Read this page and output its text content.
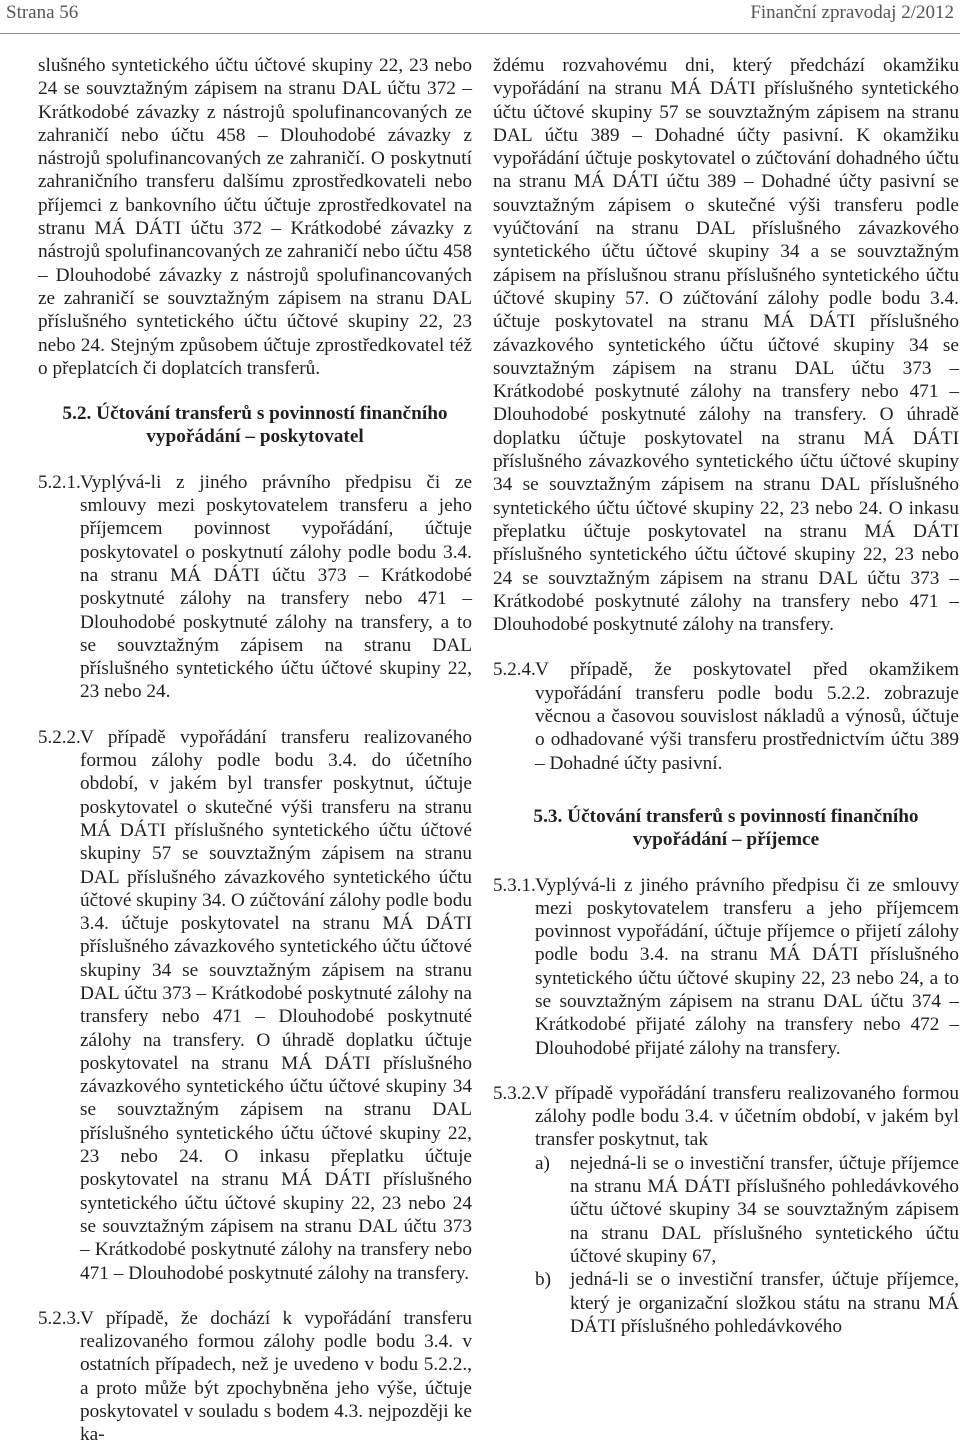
Strana 56	Finanční zpravodaj 2/2012

slušného syntetického účtu účtové skupiny 22, 23 nebo 24 se souvztažným zápisem na stranu DAL účtu 372 – Krátkodobé závazky z nástrojů spolufinancovaných ze zahraničí nebo účtu 458 – Dlouhodobé závazky z nástrojů spolufinancovaných ze zahraničí. O poskytnutí zahraničního transferu dalšímu zprostředkovateli nebo příjemci z bankovního účtu účtuje zprostředkovatel na stranu MÁ DÁTI účtu 372 – Krátkodobé závazky z nástrojů spolufinancovaných ze zahraničí nebo účtu 458 – Dlouhodobé závazky z nástrojů spolufinancovaných ze zahraničí se souvztažným zápisem na stranu DAL příslušného syntetického účtu účtové skupiny 22, 23 nebo 24. Stejným způsobem účtuje zprostředkovatel též o přeplatcích či doplatcích transferů.

5.2. Účtování transferů s povinností finančního vypořádání – poskytovatel

5.2.1. Vyplývá-li z jiného právního předpisu či ze smlouvy mezi poskytovatelem transferu a jeho příjemcem povinnost vypořádání, účtuje poskytovatel o poskytnutí zálohy podle bodu 3.4. na stranu MÁ DÁTI účtu 373 – Krátkodobé poskytnuté zálohy na transfery nebo 471 – Dlouhodobé poskytnuté zálohy na transfery, a to se souvztažným zápisem na stranu DAL příslušného syntetického účtu účtové skupiny 22, 23 nebo 24.
5.2.2. V případě vypořádání transferu realizovaného formou zálohy podle bodu 3.4. do účetního období, v jakém byl transfer poskytnut, účtuje poskytovatel o skutečné výši transferu na stranu MÁ DÁTI příslušného syntetického účtu účtové skupiny 57 se souvztažným zápisem na stranu DAL příslušného závazkového syntetického účtu účtové skupiny 34. O zúčtování zálohy podle bodu 3.4. účtuje poskytovatel na stranu MÁ DÁTI příslušného závazkového syntetického účtu účtové skupiny 34 se souvztažným zápisem na stranu DAL účtu 373 – Krátkodobé poskytnuté zálohy na transfery nebo 471 – Dlouhodobé poskytnuté zálohy na transfery. O úhradě doplatku účtuje poskytovatel na stranu MÁ DÁTI příslušného závazkového syntetického účtu účtové skupiny 34 se souvztažným zápisem na stranu DAL příslušného syntetického účtu účtové skupiny 22, 23 nebo 24. O inkasu přeplatku účtuje poskytovatel na stranu MÁ DÁTI příslušného syntetického účtu účtové skupiny 22, 23 nebo 24 se souvztažným zápisem na stranu DAL účtu 373 – Krátkodobé poskytnuté zálohy na transfery nebo 471 – Dlouhodobé poskytnuté zálohy na transfery.
5.2.3. V případě, že dochází k vypořádání transferu realizovaného formou zálohy podle bodu 3.4. v ostatních případech, než je uvedeno v bodu 5.2.2., a proto může být zpochybněna jeho výše, účtuje poskytovatel v souladu s bodem 4.3. nejpozději ke ka-

ždému rozvahovému dni, který předchází okamžiku vypořádání na stranu MÁ DÁTI příslušného syntetického účtu účtové skupiny 57 se souvztažným zápisem na stranu DAL účtu 389 – Dohadné účty pasivní. K okamžiku vypořádání účtuje poskytovatel o zúčtování dohadného účtu na stranu MÁ DÁTI účtu 389 – Dohadné účty pasivní se souvztažným zápisem o skutečné výši transferu podle vyúčtování na stranu DAL příslušného závazkového syntetického účtu účtové skupiny 34 a se souvztažným zápisem na příslušnou stranu příslušného syntetického účtu účtové skupiny 57. O zúčtování zálohy podle bodu 3.4. účtuje poskytovatel na stranu MÁ DÁTI příslušného závazkového syntetického účtu účtové skupiny 34 se souvztažným zápisem na stranu DAL účtu 373 – Krátkodobé poskytnuté zálohy na transfery nebo 471 – Dlouhodobé poskytnuté zálohy na transfery. O úhradě doplatku účtuje poskytovatel na stranu MÁ DÁTI příslušného závazkového syntetického účtu účtové skupiny 34 se souvztažným zápisem na stranu DAL příslušného syntetického účtu účtové skupiny 22, 23 nebo 24. O inkasu přeplatku účtuje poskytovatel na stranu MÁ DÁTI příslušného syntetického účtu účtové skupiny 22, 23 nebo 24 se souvztažným zápisem na stranu DAL účtu 373 – Krátkodobé poskytnuté zálohy na transfery nebo 471 – Dlouhodobé poskytnuté zálohy na transfery.

5.2.4. V případě, že poskytovatel před okamžikem vypořádání transferu podle bodu 5.2.2. zobrazuje věcnou a časovou souvislost nákladů a výnosů, účtuje o odhadované výši transferu prostřednictvím účtu 389 – Dohadné účty pasivní.

5.3. Účtování transferů s povinností finančního vypořádání – příjemce

5.3.1. Vyplývá-li z jiného právního předpisu či ze smlouvy mezi poskytovatelem transferu a jeho příjemcem povinnost vypořádání, účtuje příjemce o přijetí zálohy podle bodu 3.4. na stranu MÁ DÁTI příslušného syntetického účtu účtové skupiny 22, 23 nebo 24, a to se souvztažným zápisem na stranu DAL účtu 374 – Krátkodobé přijaté zálohy na transfery nebo 472 – Dlouhodobé přijaté zálohy na transfery.
5.3.2. V případě vypořádání transferu realizovaného formou zálohy podle bodu 3.4. v účetním období, v jakém byl transfer poskytnut, tak

a)	nejedná-li se o investiční transfer, účtuje příjemce na stranu MÁ DÁTI příslušného pohledávkového účtu účtové skupiny 34 se souvztažným zápisem na stranu DAL příslušného syntetického účtu účtové skupiny 67,
b) jedná-li se o investiční transfer, účtuje příjemce, který je organizační složkou státu na stranu MÁ DÁTI příslušného pohledávkového
